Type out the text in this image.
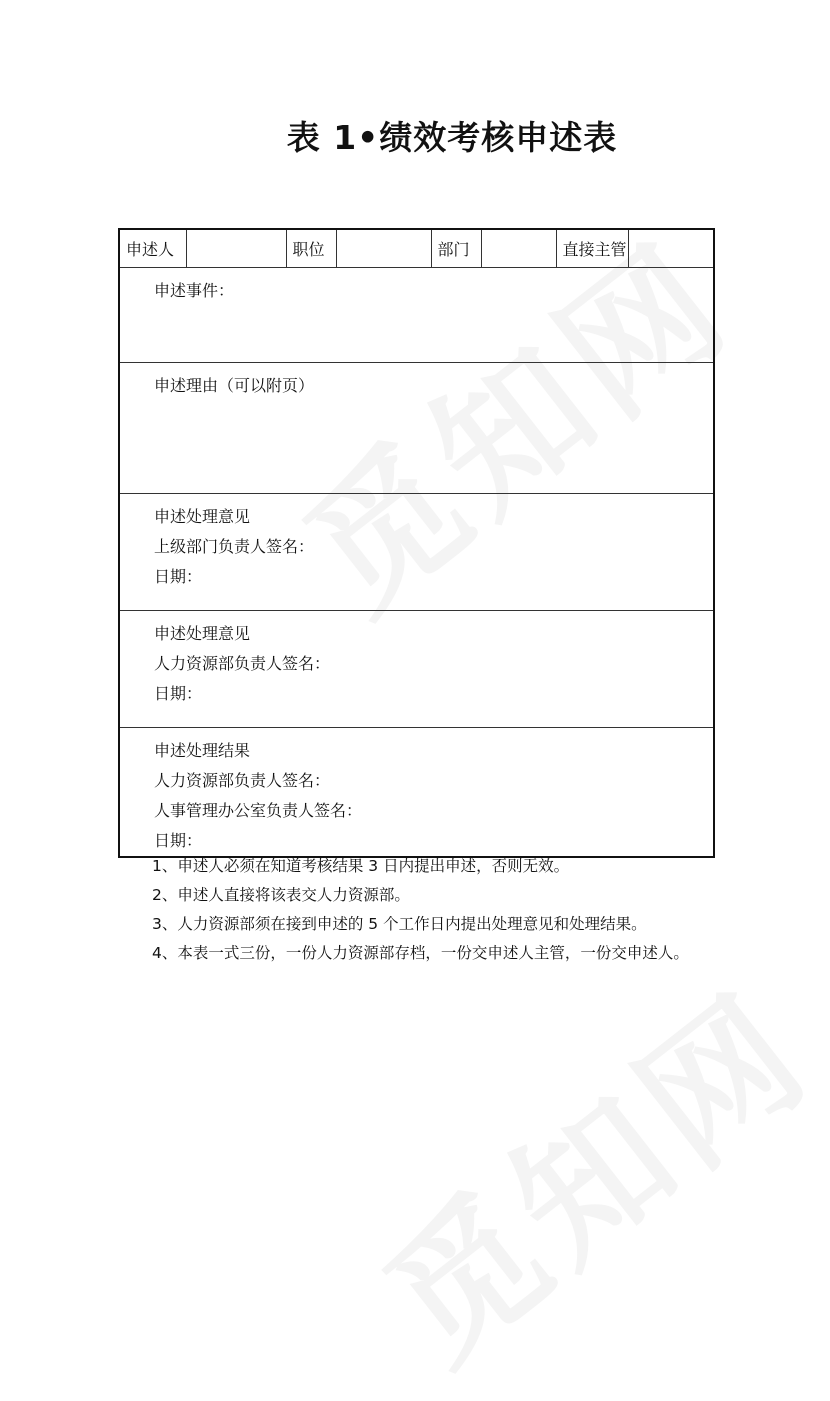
表 1•绩效考核申述表
申述人		职位		部门		直接主管	

申述事件：

申述理由（可以附页）

申述处理意见
上级部门负责人签名：
日期：

申述处理意见
人力资源部负责人签名：
日期：

申述处理结果
人力资源部负责人签名：
人事管理办公室负责人签名：
日期：
1、申述人必须在知道考核结果 3 日内提出申述，否则无效。
2、申述人直接将该表交人力资源部。
3、人力资源部须在接到申述的 5 个工作日内提出处理意见和处理结果。
4、本表一式三份，一份人力资源部存档，一份交申述人主管，一份交申述人。
